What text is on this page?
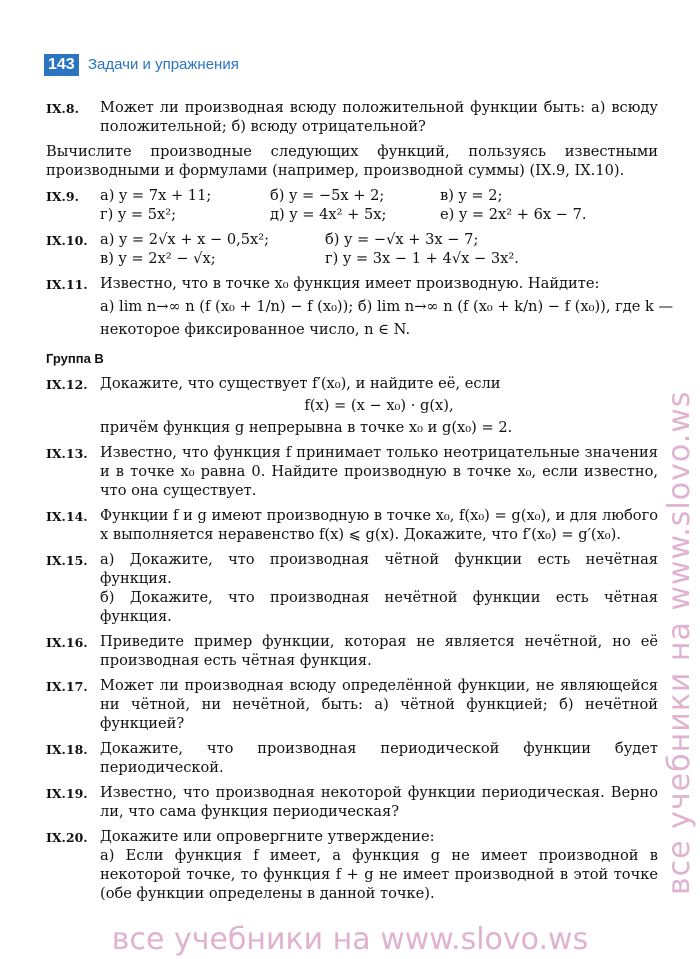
143 Задачи и упражнения
IX.8.	Может ли производная всюду положительной функции быть: а) всюду положительной; б) всюду отрицательной?
Вычислите производные следующих функций, пользуясь известными производными и формулами (например, производной суммы) (IX.9, IX.10).
IX.9.	а) y = 7x + 11;	б) y = −5x + 2;	в) y = 2;
г) y = 5x²;	д) y = 4x² + 5x;	е) y = 2x² + 6x − 7.
IX.10. а) y = 2√x + x − 0,5x²;	б) y = −√x + 3x − 7;
в) y = 2x² − √x;	г) y = 3x − 1 + 4√x − 3x².
IX.11. Известно, что в точке x₀ функция имеет производную. Найдите:
а) lim n→∞ n (f (x₀ + 1/n) − f (x₀)); б) lim n→∞ n (f (x₀ + k/n) − f (x₀)), где k —
некоторое фиксированное число, n ∈ N.
Группа В
IX.12. Докажите, что существует f′(x₀), и найдите её, если
f(x) = (x − x₀) · g(x),
причём функция g непрерывна в точке x₀ и g(x₀) = 2.
IX.13. Известно, что функция f принимает только неотрицательные значения и в точке x₀ равна 0. Найдите производную в точке x₀, если известно, что она существует.
IX.14. Функции f и g имеют производную в точке x₀, f(x₀) = g(x₀), и для любого x выполняется неравенство f(x) ⩽ g(x). Докажите, что f′(x₀) = g′(x₀).
IX.15. а) Докажите, что производная чётной функции есть нечётная функция.
б) Докажите, что производная нечётной функции есть чётная функция.
IX.16. Приведите пример функции, которая не является нечётной, но её производная есть чётная функция.
IX.17. Может ли производная всюду определённой функции, не являющейся ни чётной, ни нечётной, быть: а) чётной функцией; б) нечётной функцией?
IX.18. Докажите, что производная периодической функции будет периодической.
IX.19. Известно, что производная некоторой функции периодическая. Верно ли, что сама функция периодическая?
IX.20. Докажите или опровергните утверждение:
а) Если функция f имеет, а функция g не имеет производной в некоторой точке, то функция f + g не имеет производной в этой точке (обе функции определены в данной точке).	все учебники на www.slovo.ws
все учебники на www.slovo.ws
